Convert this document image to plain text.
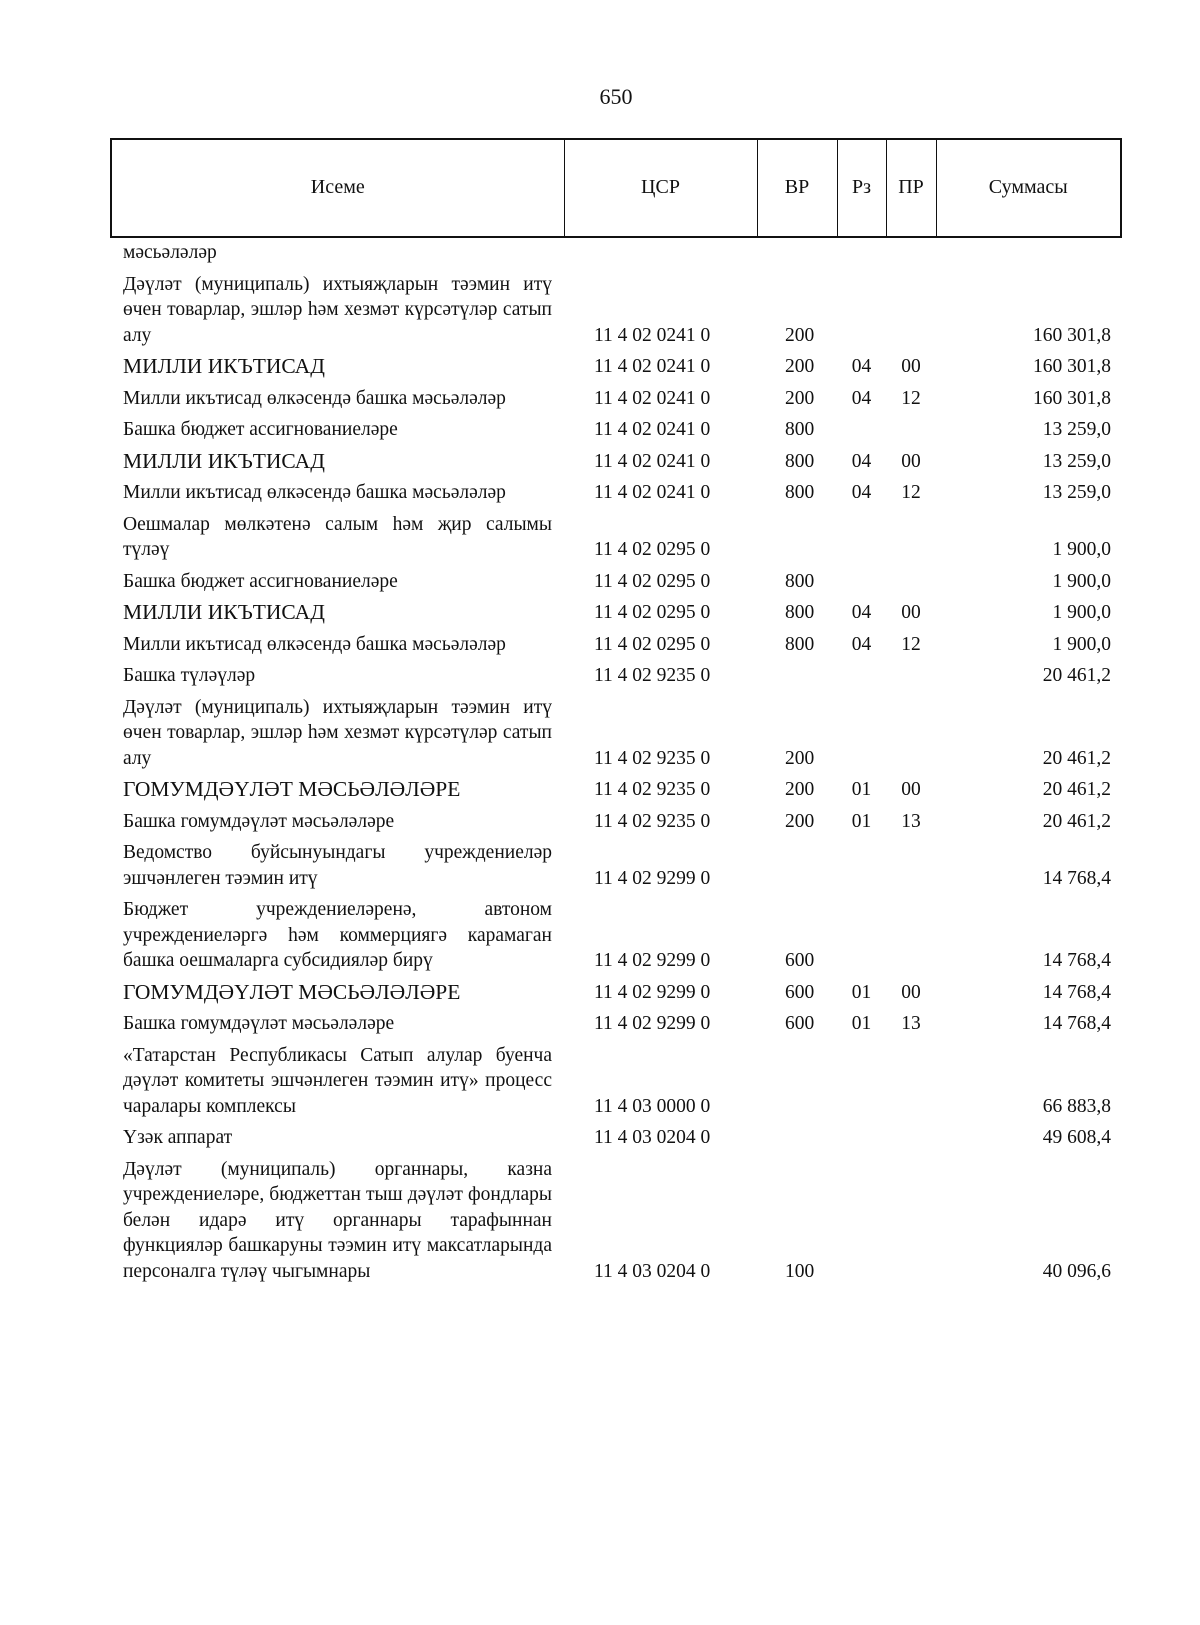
650
Исеме	ЦСР	ВР	Рз	ПР	Суммасы
мәсьәләләр					
Дәүләт (муниципаль) ихтыяҗларын тәэмин итү өчен товарлар, эшләр һәм хезмәт күрсәтүләр сатып алу	11 4 02 0241 0	200			160 301,8
МИЛЛИ ИКЪТИСАД	11 4 02 0241 0	200	04	00	160 301,8
Милли икътисад өлкәсендә башка мәсьәләләр	11 4 02 0241 0	200	04	12	160 301,8
Башка бюджет ассигнованиеләре	11 4 02 0241 0	800			13 259,0
МИЛЛИ ИКЪТИСАД	11 4 02 0241 0	800	04	00	13 259,0
Милли икътисад өлкәсендә башка мәсьәләләр	11 4 02 0241 0	800	04	12	13 259,0
Оешмалар мөлкәтенә салым һәм җир салымы түләү	11 4 02 0295 0				1 900,0
Башка бюджет ассигнованиеләре	11 4 02 0295 0	800			1 900,0
МИЛЛИ ИКЪТИСАД	11 4 02 0295 0	800	04	00	1 900,0
Милли икътисад өлкәсендә башка мәсьәләләр	11 4 02 0295 0	800	04	12	1 900,0
Башка түләүләр	11 4 02 9235 0				20 461,2
Дәүләт (муниципаль) ихтыяҗларын тәэмин итү өчен товарлар, эшләр һәм хезмәт күрсәтүләр сатып алу	11 4 02 9235 0	200			20 461,2
ГОМУМДӘҮЛӘТ МӘСЬӘЛӘЛӘРЕ	11 4 02 9235 0	200	01	00	20 461,2
Башка гомумдәүләт мәсьәләләре	11 4 02 9235 0	200	01	13	20 461,2
Ведомство буйсынуындагы учреждениеләр эшчәнлеген тәэмин итү	11 4 02 9299 0				14 768,4
Бюджет учреждениеләренә, автоном учреждениеләргә һәм коммерциягә карамаган башка оешмаларга субсидияләр бирү	11 4 02 9299 0	600			14 768,4
ГОМУМДӘҮЛӘТ МӘСЬӘЛӘЛӘРЕ	11 4 02 9299 0	600	01	00	14 768,4
Башка гомумдәүләт мәсьәләләре	11 4 02 9299 0	600	01	13	14 768,4
«Татарстан Республикасы Сатып алулар буенча дәүләт комитеты эшчәнлеген тәэмин итү» процесс чаралары комплексы	11 4 03 0000 0				66 883,8
Үзәк аппарат	11 4 03 0204 0				49 608,4
Дәүләт (муниципаль) органнары, казна учреждениеләре, бюджеттан тыш дәүләт фондлары белән идарә итү органнары тарафыннан функцияләр башкаруны тәэмин итү максатларында персоналга түләү чыгымнары	11 4 03 0204 0	100			40 096,6
